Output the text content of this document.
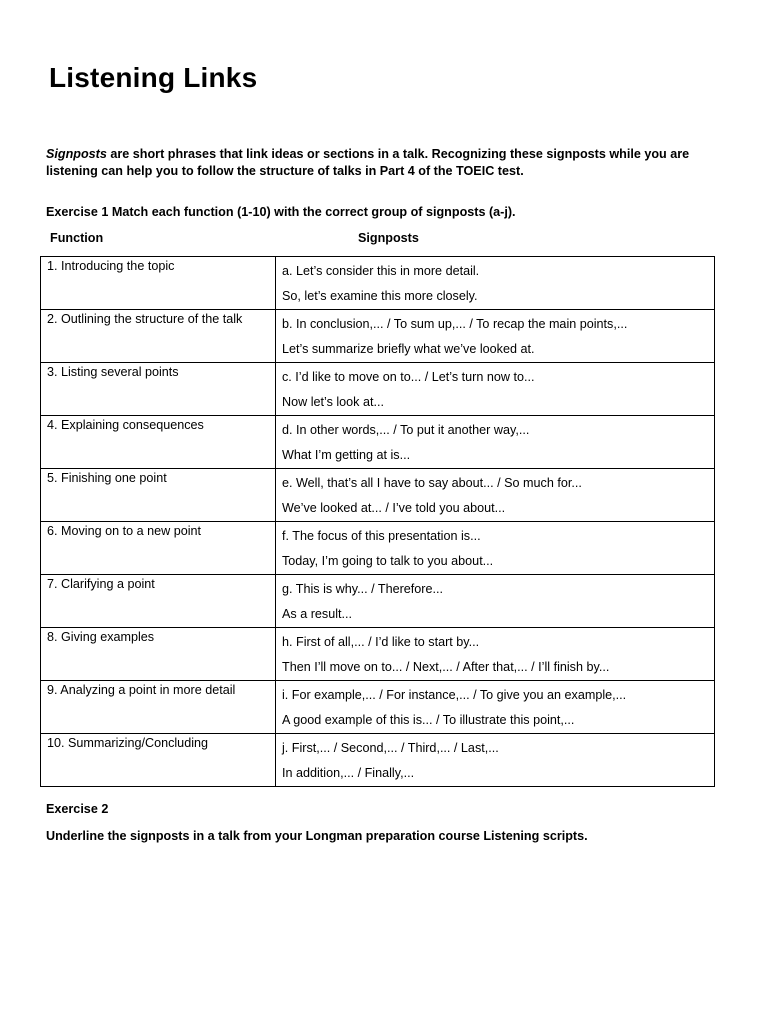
Listening Links

Signposts are short phrases that link ideas or sections in a talk. Recognizing these signposts while you are
listening can help you to follow the structure of talks in Part 4 of the TOEIC test.

Exercise 1 Match each function (1-10) with the correct group of signposts (a-j).

Function	Signposts
1. Introducing the topic	a. Let’s consider this in more detail.
So, let’s examine this more closely.

2. Outlining the structure of the talk	b. In conclusion,... / To sum up,... / To recap the main points,...
Let’s summarize briefly what we’ve looked at.

3. Listing several points	c. I’d like to move on to... / Let’s turn now to...
Now let’s look at...

4. Explaining consequences	d. In other words,... / To put it another way,...
What I’m getting at is...

5. Finishing one point	e. Well, that’s all I have to say about... / So much for...
We’ve looked at... / I’ve told you about...

6. Moving on to a new point	f. The focus of this presentation is...
Today, I’m going to talk to you about...

7. Clarifying a point	g. This is why... / Therefore...
As a result...

8. Giving examples	h. First of all,... / I’d like to start by...
Then I’ll move on to... / Next,... / After that,... / I’ll finish by...

9. Analyzing a point in more detail	i. For example,... / For instance,... / To give you an example,...
A good example of this is... / To illustrate this point,...

10. Summarizing/Concluding	j. First,... / Second,... / Third,... / Last,...
In addition,... / Finally,...

Exercise 2

Underline the signposts in a talk from your Longman preparation course Listening scripts.
